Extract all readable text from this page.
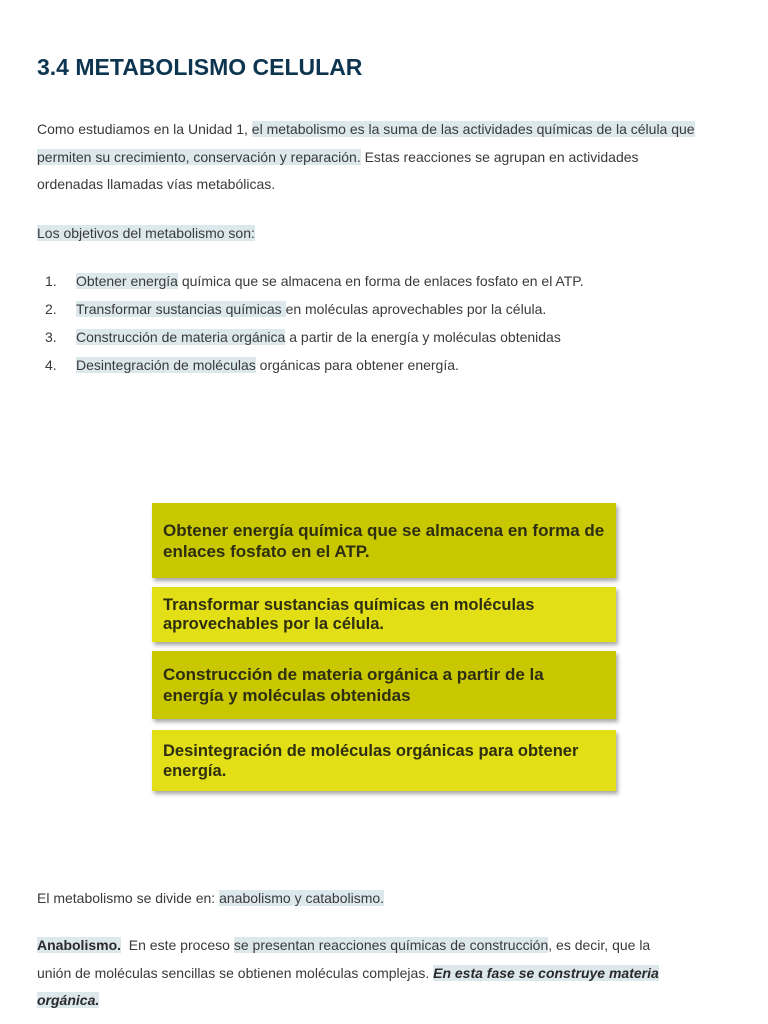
3.4 METABOLISMO CELULAR

Como estudiamos en la Unidad 1, el metabolismo es la suma de las actividades químicas de la célula que permiten su crecimiento, conservación y reparación. Estas reacciones se agrupan en actividades ordenadas llamadas vías metabólicas.

Los objetivos del metabolismo son:

1.	Obtener energía química que se almacena en forma de enlaces fosfato en el ATP.
2.	Transformar sustancias químicas en moléculas aprovechables por la célula.
3.	Construcción de materia orgánica a partir de la energía y moléculas obtenidas
4.	Desintegración de moléculas orgánicas para obtener energía.
Obtener energía química que se almacena en forma de enlaces fosfato en el ATP.
Transformar sustancias químicas en moléculas aprovechables por la célula.
Construcción de materia orgánica a partir de la energía y moléculas obtenidas
Desintegración de moléculas orgánicas para obtener energía.

El metabolismo se divide en: anabolismo y catabolismo.

Anabolismo.  En este proceso se presentan reacciones químicas de construcción, es decir, que la unión de moléculas sencillas se obtienen moléculas complejas. En esta fase se construye materia orgánica.
